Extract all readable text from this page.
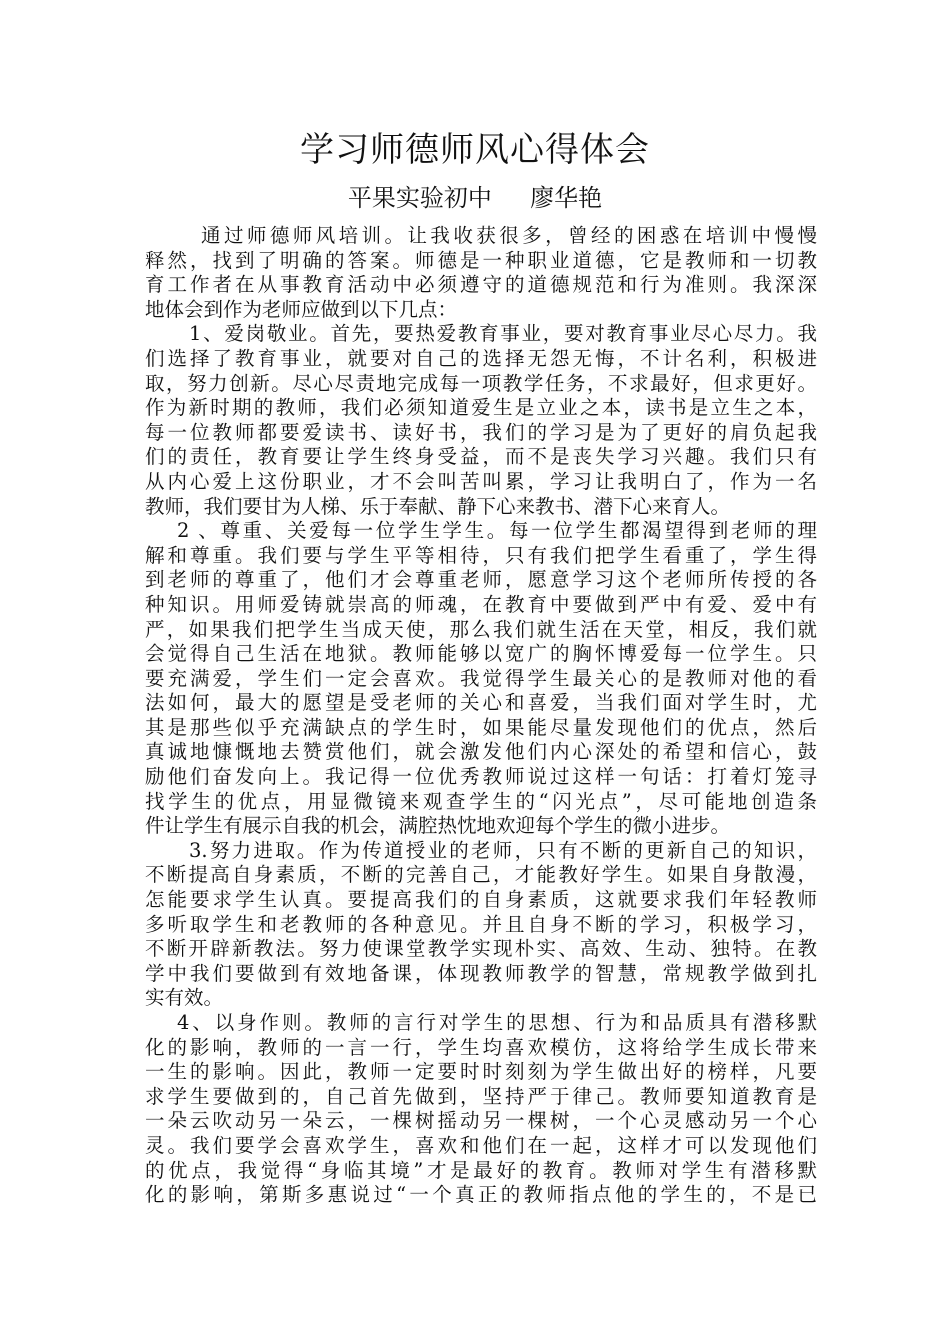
学习师德师风心得体会
平果实验初中     廖华艳
通过师德师风培训。让我收获很多，曾经的困惑在培训中慢慢
释然，找到了明确的答案。师德是一种职业道德，它是教师和一切教
育工作者在从事教育活动中必须遵守的道德规范和行为准则。我深深
地体会到作为老师应做到以下几点：
1、爱岗敬业。首先，要热爱教育事业，要对教育事业尽心尽力。我
们选择了教育事业，就要对自己的选择无怨无悔，不计名利，积极进
取，努力创新。尽心尽责地完成每一项教学任务，不求最好，但求更好。
作为新时期的教师，我们必须知道爱生是立业之本，读书是立生之本，
每一位教师都要爱读书、读好书，我们的学习是为了更好的肩负起我
们的责任，教育要让学生终身受益，而不是丧失学习兴趣。我们只有
从内心爱上这份职业，才不会叫苦叫累，学习让我明白了，作为一名
教师，我们要甘为人梯、乐于奉献、静下心来教书、潜下心来育人。
2 、尊重、关爱每一位学生学生。每一位学生都渴望得到老师的理
解和尊重。我们要与学生平等相待，只有我们把学生看重了，学生得
到老师的尊重了，他们才会尊重老师，愿意学习这个老师所传授的各
种知识。用师爱铸就崇高的师魂，在教育中要做到严中有爱、爱中有
严，如果我们把学生当成天使，那么我们就生活在天堂，相反，我们就
会觉得自己生活在地狱。教师能够以宽广的胸怀博爱每一位学生。只
要充满爱，学生们一定会喜欢。我觉得学生最关心的是教师对他的看
法如何，最大的愿望是受老师的关心和喜爱，当我们面对学生时，尤
其是那些似乎充满缺点的学生时，如果能尽量发现他们的优点，然后
真诚地慷慨地去赞赏他们，就会激发他们内心深处的希望和信心，鼓
励他们奋发向上。我记得一位优秀教师说过这样一句话：打着灯笼寻
找学生的优点，用显微镜来观查学生的“闪光点”，尽可能地创造条
件让学生有展示自我的机会，满腔热忱地欢迎每个学生的微小进步。
3.努力进取。作为传道授业的老师，只有不断的更新自己的知识，
不断提高自身素质，不断的完善自己，才能教好学生。如果自身散漫，
怎能要求学生认真。要提高我们的自身素质，这就要求我们年轻教师
多听取学生和老教师的各种意见。并且自身不断的学习，积极学习，
不断开辟新教法。努力使课堂教学实现朴实、高效、生动、独特。在教
学中我们要做到有效地备课，体现教师教学的智慧，常规教学做到扎
实有效。
4、以身作则。教师的言行对学生的思想、行为和品质具有潜移默
化的影响，教师的一言一行，学生均喜欢模仿，这将给学生成长带来
一生的影响。因此，教师一定要时时刻刻为学生做出好的榜样，凡要
求学生要做到的，自己首先做到，坚持严于律己。教师要知道教育是
一朵云吹动另一朵云，一棵树摇动另一棵树，一个心灵感动另一个心
灵。我们要学会喜欢学生，喜欢和他们在一起，这样才可以发现他们
的优点，我觉得“身临其境”才是最好的教育。教师对学生有潜移默
化的影响，第斯多惠说过“一个真正的教师指点他的学生的，不是已
